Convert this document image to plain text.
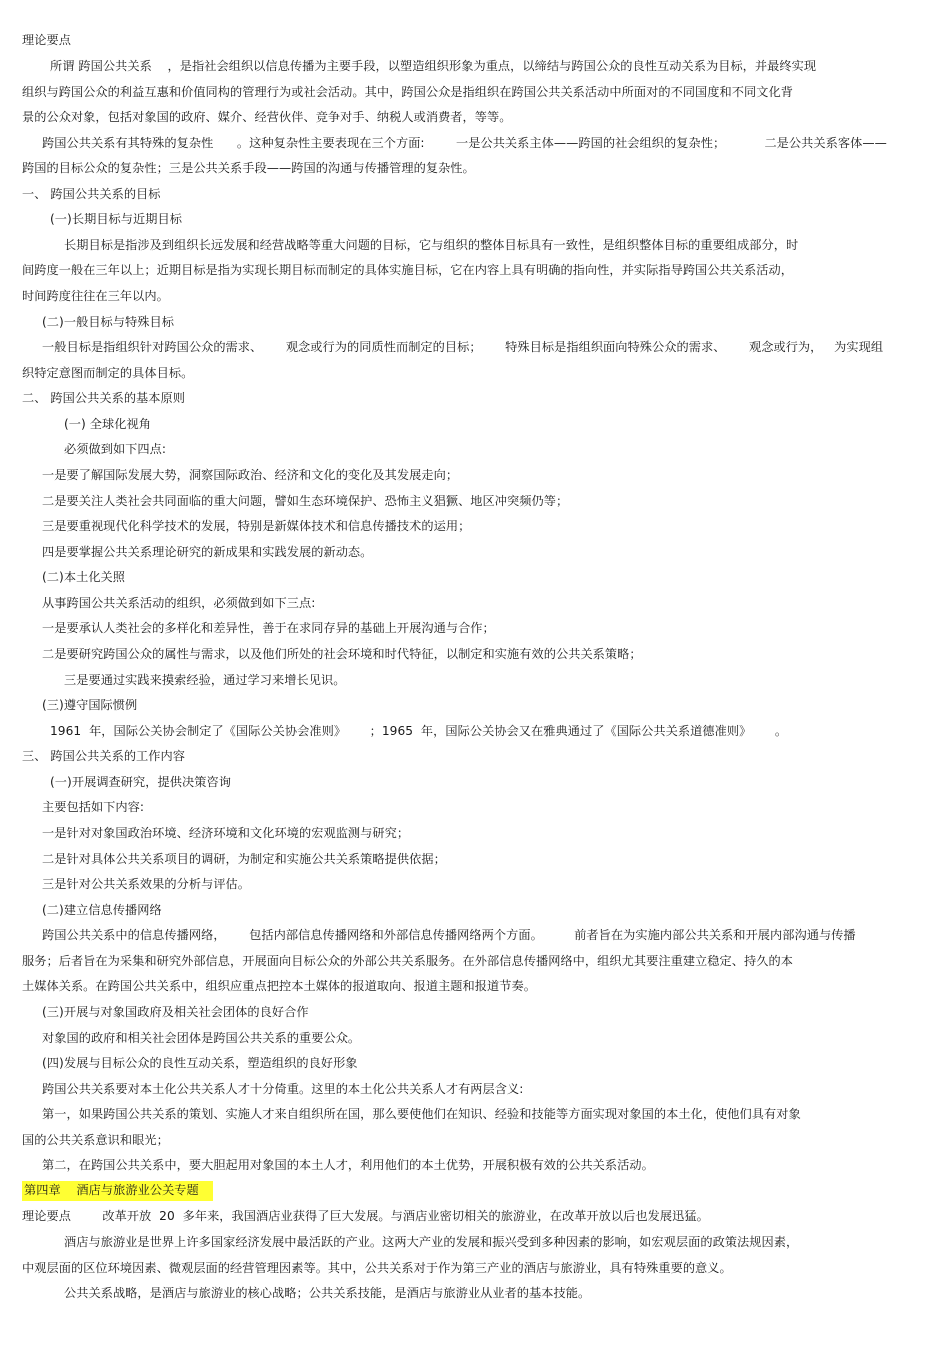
理论要点
所谓 跨国公共关系    ，是指社会组织以信息传播为主要手段，以塑造组织形象为重点，以缔结与跨国公众的良性互动关系为目标，并最终实现
组织与跨国公众的利益互惠和价值同构的管理行为或社会活动。其中，跨国公众是指组织在跨国公共关系活动中所面对的不同国度和不同文化背
景的公众对象，包括对象国的政府、媒介、经营伙伴、竞争对手、纳税人或消费者，等等。
跨国公共关系有其特殊的复杂性      。这种复杂性主要表现在三个方面:        一是公共关系主体——跨国的社会组织的复杂性；          二是公共关系客体——
跨国的目标公众的复杂性；三是公共关系手段——跨国的沟通与传播管理的复杂性。
一、 跨国公共关系的目标
(一)长期目标与近期目标
长期目标是指涉及到组织长远发展和经营战略等重大问题的目标，它与组织的整体目标具有一致性，是组织整体目标的重要组成部分，时
间跨度一般在三年以上；近期目标是指为实现长期目标而制定的具体实施目标，它在内容上具有明确的指向性，并实际指导跨国公共关系活动，
时间跨度往往在三年以内。
(二)一般目标与特殊目标
一般目标是指组织针对跨国公众的需求、      观念或行为的同质性而制定的目标；      特殊目标是指组织面向特殊公众的需求、      观念或行为，   为实现组
织特定意图而制定的具体目标。
二、 跨国公共关系的基本原则
(一) 全球化视角
必须做到如下四点:
一是要了解国际发展大势，洞察国际政治、经济和文化的变化及其发展走向；
二是要关注人类社会共同面临的重大问题，譬如生态环境保护、恐怖主义猖獗、地区冲突频仍等；
三是要重视现代化科学技术的发展，特别是新媒体技术和信息传播技术的运用；
四是要掌握公共关系理论研究的新成果和实践发展的新动态。
(二)本土化关照
从事跨国公共关系活动的组织，必须做到如下三点:
一是要承认人类社会的多样化和差异性，善于在求同存异的基础上开展沟通与合作；
二是要研究跨国公众的属性与需求，以及他们所处的社会环境和时代特征，以制定和实施有效的公共关系策略；
三是要通过实践来摸索经验，通过学习来增长见识。
(三)遵守国际惯例
1961  年，国际公关协会制定了《国际公关协会准则》      ；1965  年，国际公关协会又在雅典通过了《国际公共关系道德准则》      。
三、 跨国公共关系的工作内容
(一)开展调查研究，提供决策咨询
主要包括如下内容:
一是针对对象国政治环境、经济环境和文化环境的宏观监测与研究；
二是针对具体公共关系项目的调研，为制定和实施公共关系策略提供依据；
三是针对公共关系效果的分析与评估。
(二)建立信息传播网络
跨国公共关系中的信息传播网络，      包括内部信息传播网络和外部信息传播网络两个方面。        前者旨在为实施内部公共关系和开展内部沟通与传播
服务；后者旨在为采集和研究外部信息，开展面向目标公众的外部公共关系服务。在外部信息传播网络中，组织尤其要注重建立稳定、持久的本
土媒体关系。在跨国公共关系中，组织应重点把控本土媒体的报道取向、报道主题和报道节奏。
(三)开展与对象国政府及相关社会团体的良好合作
对象国的政府和相关社会团体是跨国公共关系的重要公众。
(四)发展与目标公众的良性互动关系，塑造组织的良好形象
跨国公共关系要对本土化公共关系人才十分倚重。这里的本土化公共关系人才有两层含义:
第一，如果跨国公共关系的策划、实施人才来自组织所在国，那么要使他们在知识、经验和技能等方面实现对象国的本土化，使他们具有对象
国的公共关系意识和眼光；
第二，在跨国公共关系中，要大胆起用对象国的本土人才，利用他们的本土优势，开展积极有效的公共关系活动。
第四章    酒店与旅游业公关专题
理论要点        改革开放  20  多年来，我国酒店业获得了巨大发展。与酒店业密切相关的旅游业，在改革开放以后也发展迅猛。
酒店与旅游业是世界上许多国家经济发展中最活跃的产业。这两大产业的发展和振兴受到多种因素的影响，如宏观层面的政策法规因素，
中观层面的区位环境因素、微观层面的经营管理因素等。其中，公共关系对于作为第三产业的酒店与旅游业，具有特殊重要的意义。
公共关系战略，是酒店与旅游业的核心战略；公共关系技能，是酒店与旅游业从业者的基本技能。
